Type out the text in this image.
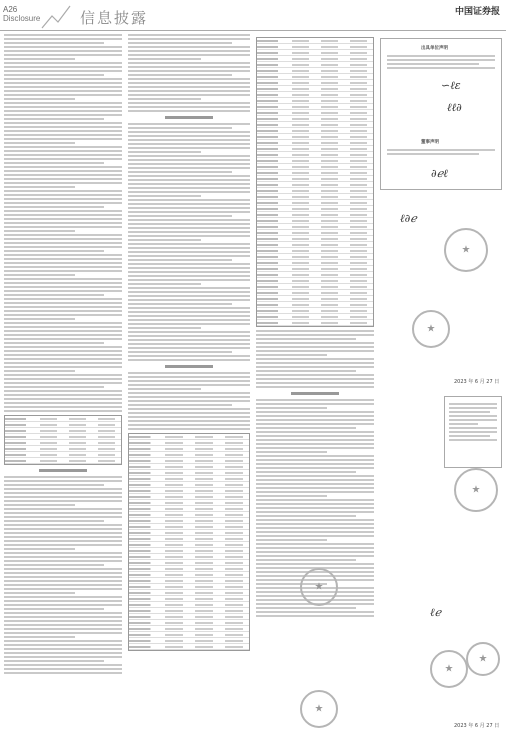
A26
Disclosure	信息披露	中国证券报
出具单位声明
∽ℓε
ℓℓ∂
董事声明
∂ℯℓ
ℓ∂ℯ
★
★
2023 年 6 月 27 日
★
ℓℯ
★
★
2023 年 6 月 27 日
★
★
